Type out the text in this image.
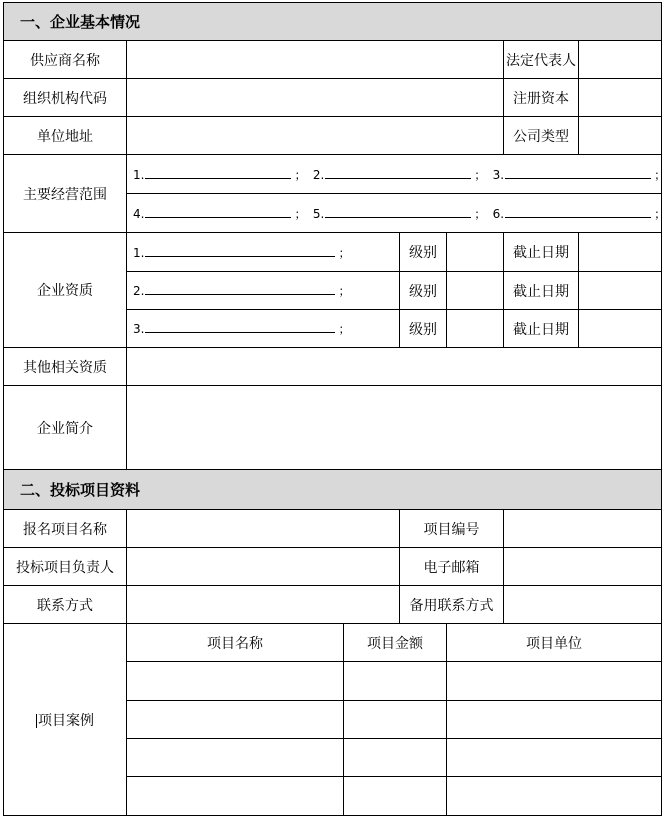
一、企业基本情况						
供应商名称					法定代表人	
组织机构代码					注册资本	
单位地址					公司类型	
主要经营范围	1. ； 2. ； 3. ；					
	4. ； 5. ； 6. ；					
企业资质	1. ；		级别		截止日期	
	2. ；		级别		截止日期	
	3. ；		级别		截止日期	
其他相关资质						
企业简介						
二、投标项目资料						
报名项目名称			项目编号			
投标项目负责人			电子邮箱			
联系方式			备用联系方式			
项目案例	项目名称	项目金额		项目单位		
